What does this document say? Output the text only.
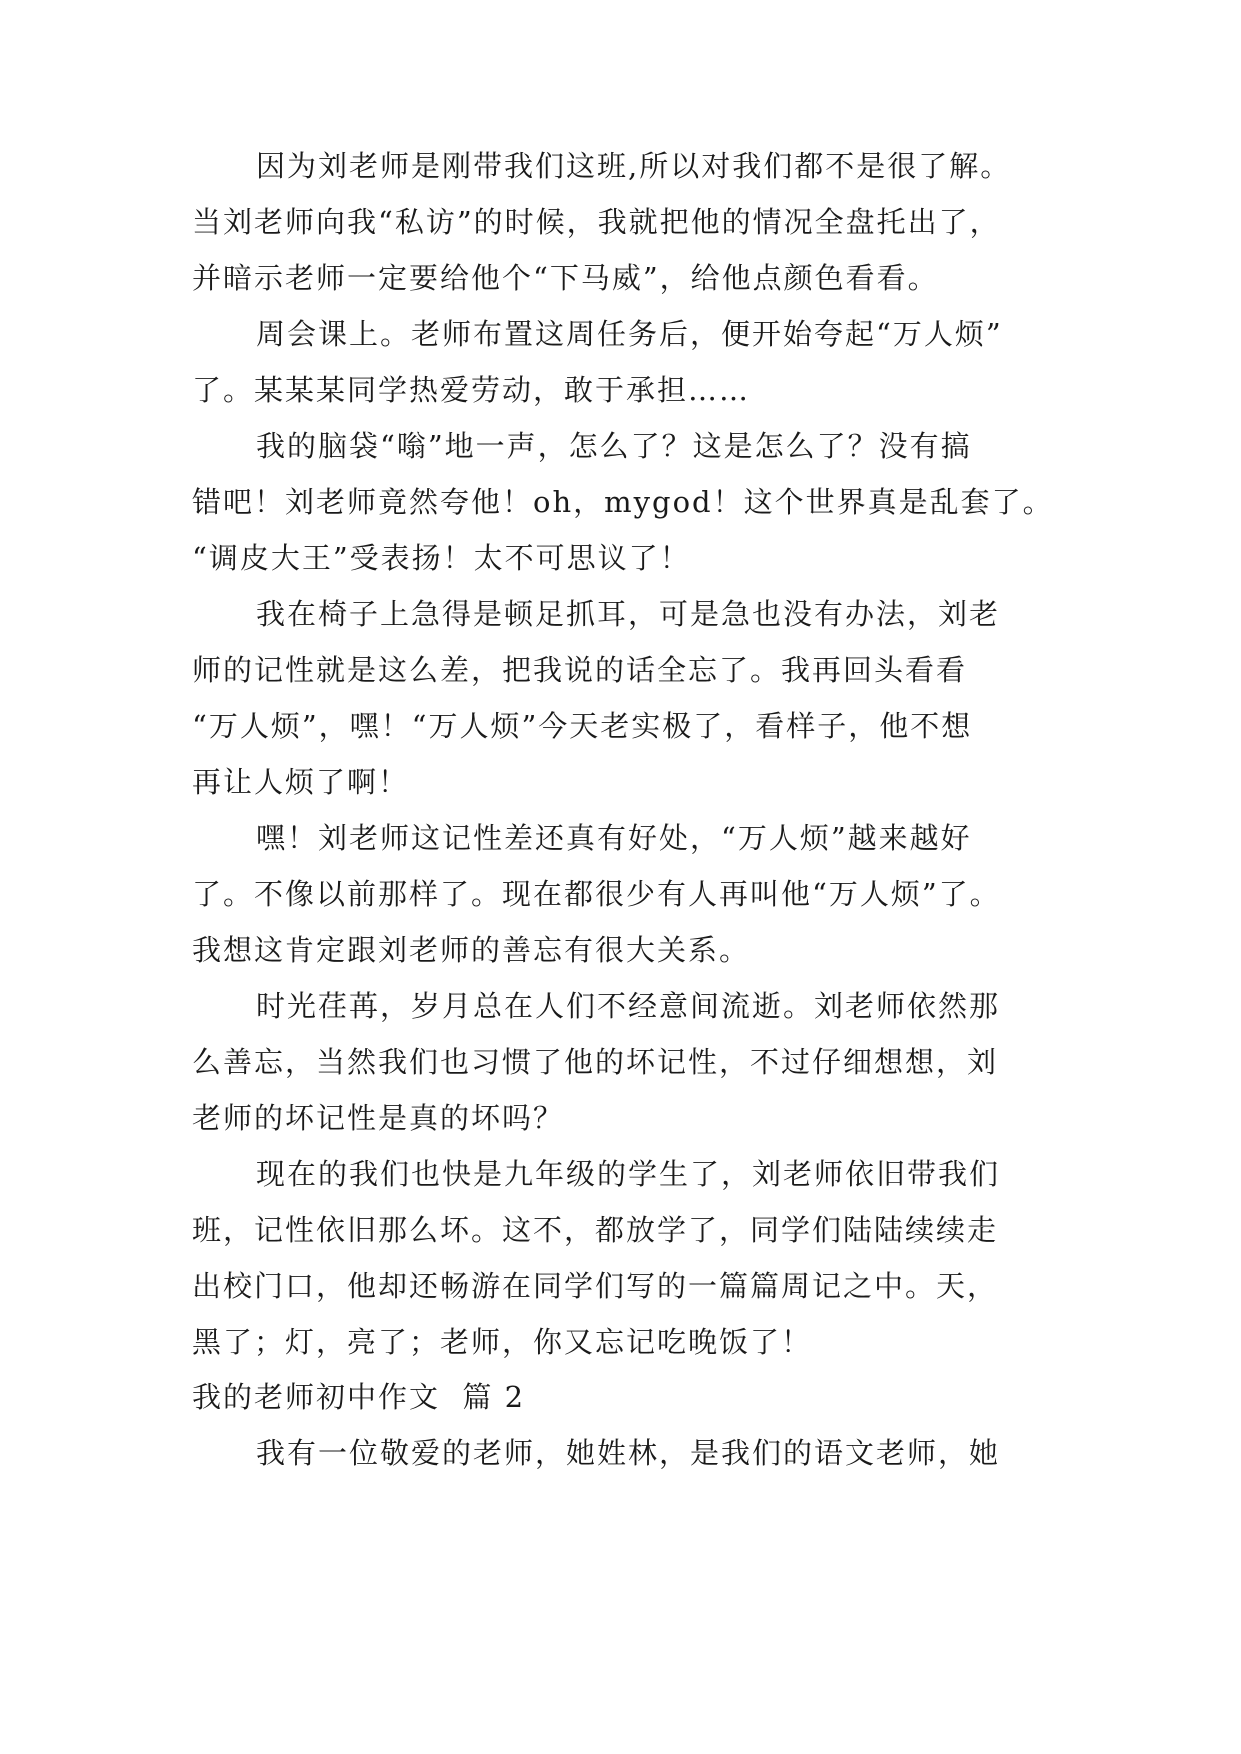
因为刘老师是刚带我们这班,所以对我们都不是很了解。
当刘老师向我“私访”的时候，我就把他的情况全盘托出了，
并暗示老师一定要给他个“下马威”，给他点颜色看看。
周会课上。老师布置这周任务后，便开始夸起“万人烦”
了。某某某同学热爱劳动，敢于承担……
我的脑袋“嗡”地一声，怎么了？这是怎么了？没有搞
错吧！刘老师竟然夸他！oh，mygod！这个世界真是乱套了。
“调皮大王”受表扬！太不可思议了！
我在椅子上急得是顿足抓耳，可是急也没有办法，刘老
师的记性就是这么差，把我说的话全忘了。我再回头看看
“万人烦”，嘿！“万人烦”今天老实极了，看样子，他不想
再让人烦了啊！
嘿！刘老师这记性差还真有好处，“万人烦”越来越好
了。不像以前那样了。现在都很少有人再叫他“万人烦”了。
我想这肯定跟刘老师的善忘有很大关系。
时光荏苒，岁月总在人们不经意间流逝。刘老师依然那
么善忘，当然我们也习惯了他的坏记性，不过仔细想想，刘
老师的坏记性是真的坏吗？
现在的我们也快是九年级的学生了，刘老师依旧带我们
班，记性依旧那么坏。这不，都放学了，同学们陆陆续续走
出校门口，他却还畅游在同学们写的一篇篇周记之中。天，
黑了；灯，亮了；老师，你又忘记吃晚饭了！
我的老师初中作文  篇 2
我有一位敬爱的老师，她姓林，是我们的语文老师，她
